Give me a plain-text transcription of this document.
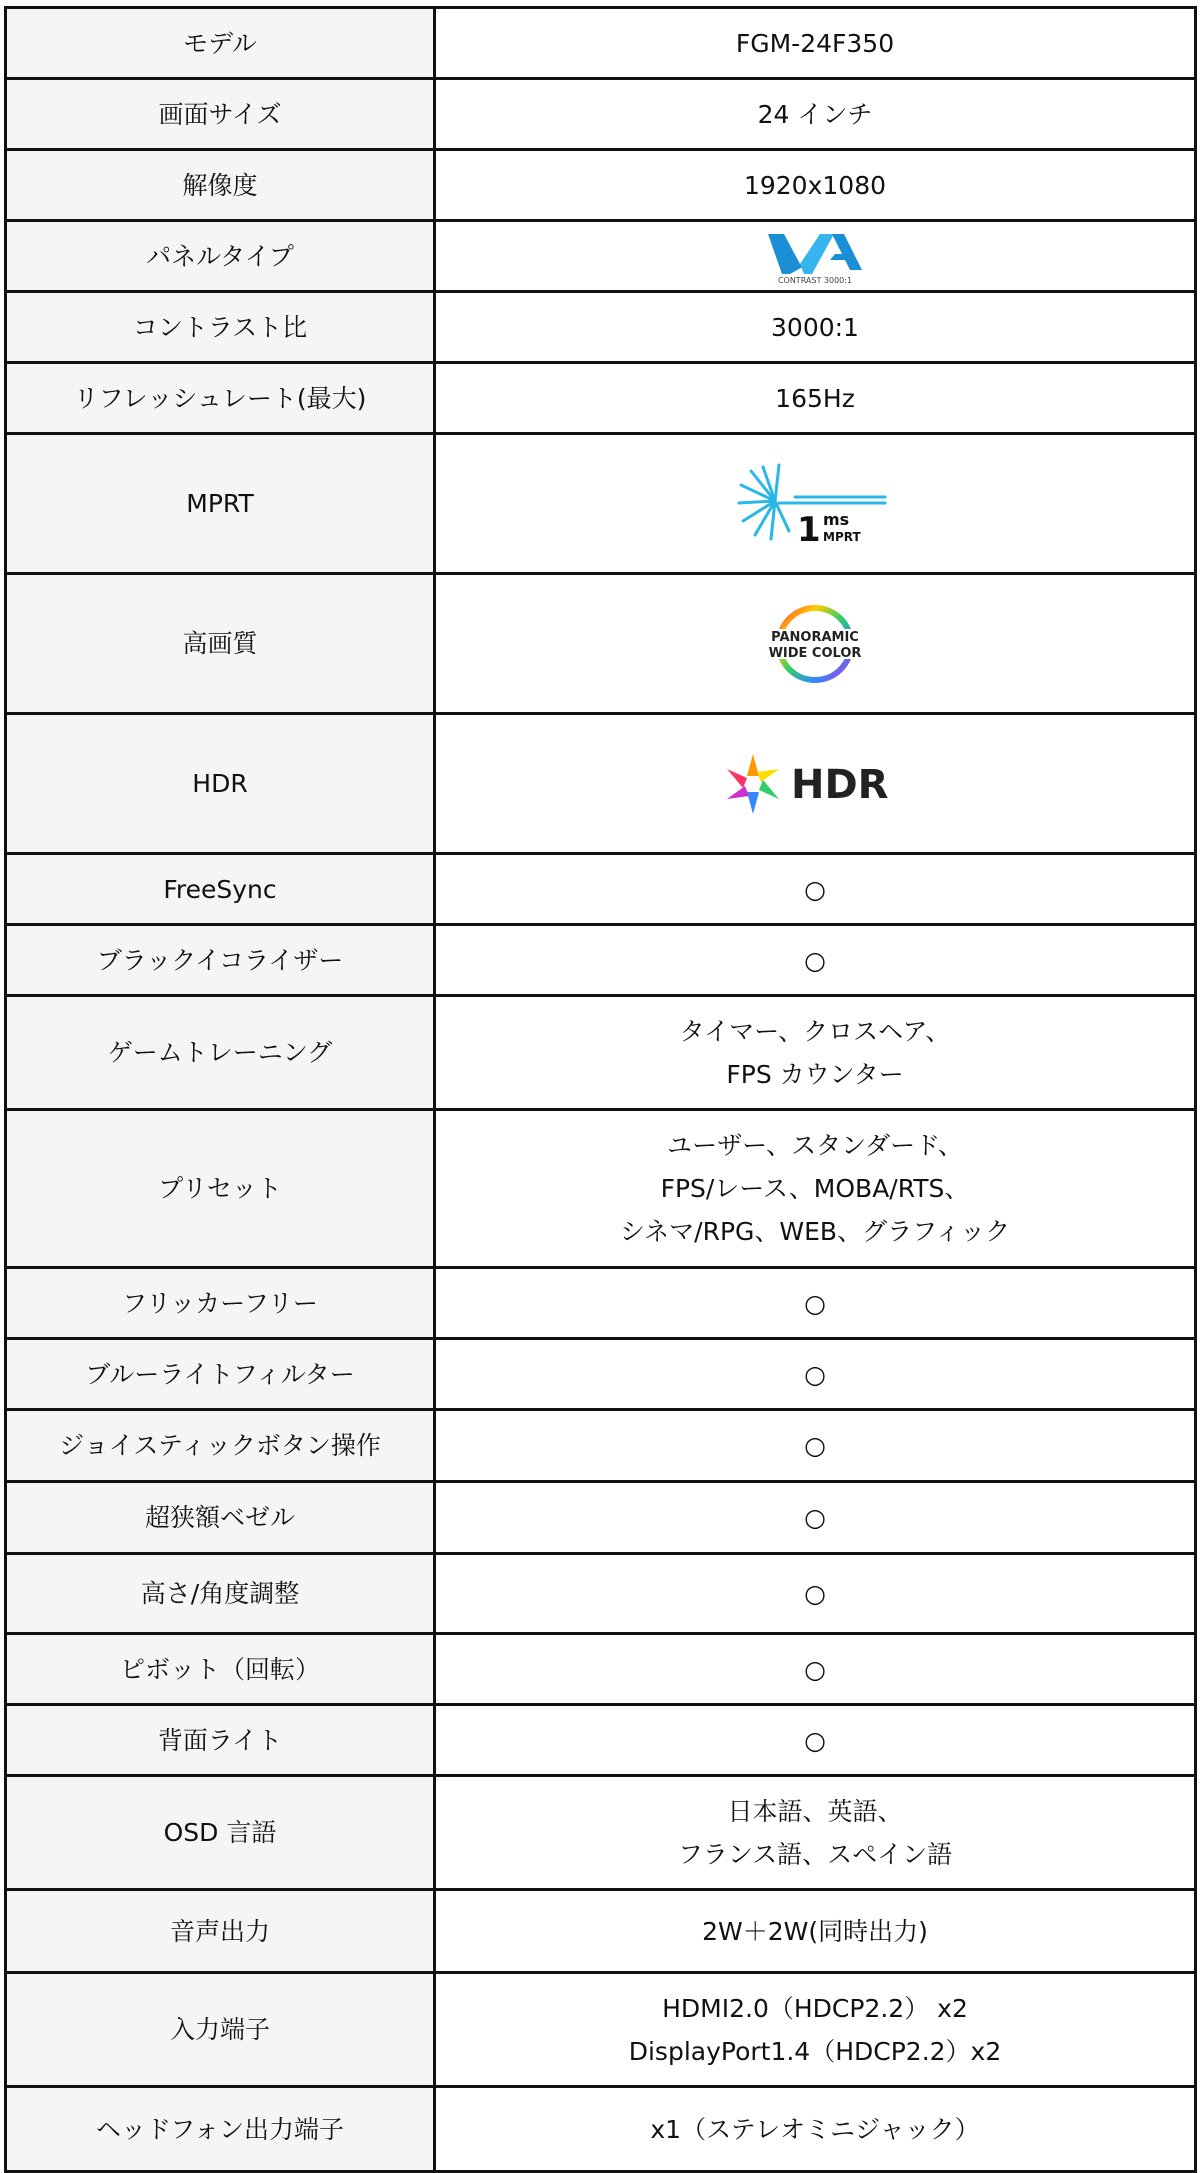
モデル	FGM-24F350
画面サイズ	24 インチ
解像度	1920x1080
パネルタイプ	CONTRAST 3000:1

コントラスト比	3000:1
リフレッシュレート(最大)	165Hz
MPRT	1 ms
MPRT

高画質	PANORAMIC
WIDE COLOR

HDR	HDR

FreeSync	○
ブラックイコライザー	○
ゲームトレーニング	タイマー、クロスヘア、
FPS カウンター

プリセット	ユーザー、スタンダード、
FPS/レース、MOBA/RTS、
シネマ/RPG、WEB、グラフィック

フリッカーフリー	○
ブルーライトフィルター	○
ジョイスティックボタン操作	○
超狭額ベゼル	○
高さ/角度調整	○
ピボット（回転）	○
背面ライト	○
OSD 言語	日本語、英語、
フランス語、スペイン語

音声出力	2W＋2W(同時出力)
入力端子	HDMI2.0（HDCP2.2） x2
DisplayPort1.4（HDCP2.2）x2

ヘッドフォン出力端子	x1（ステレオミニジャック）
